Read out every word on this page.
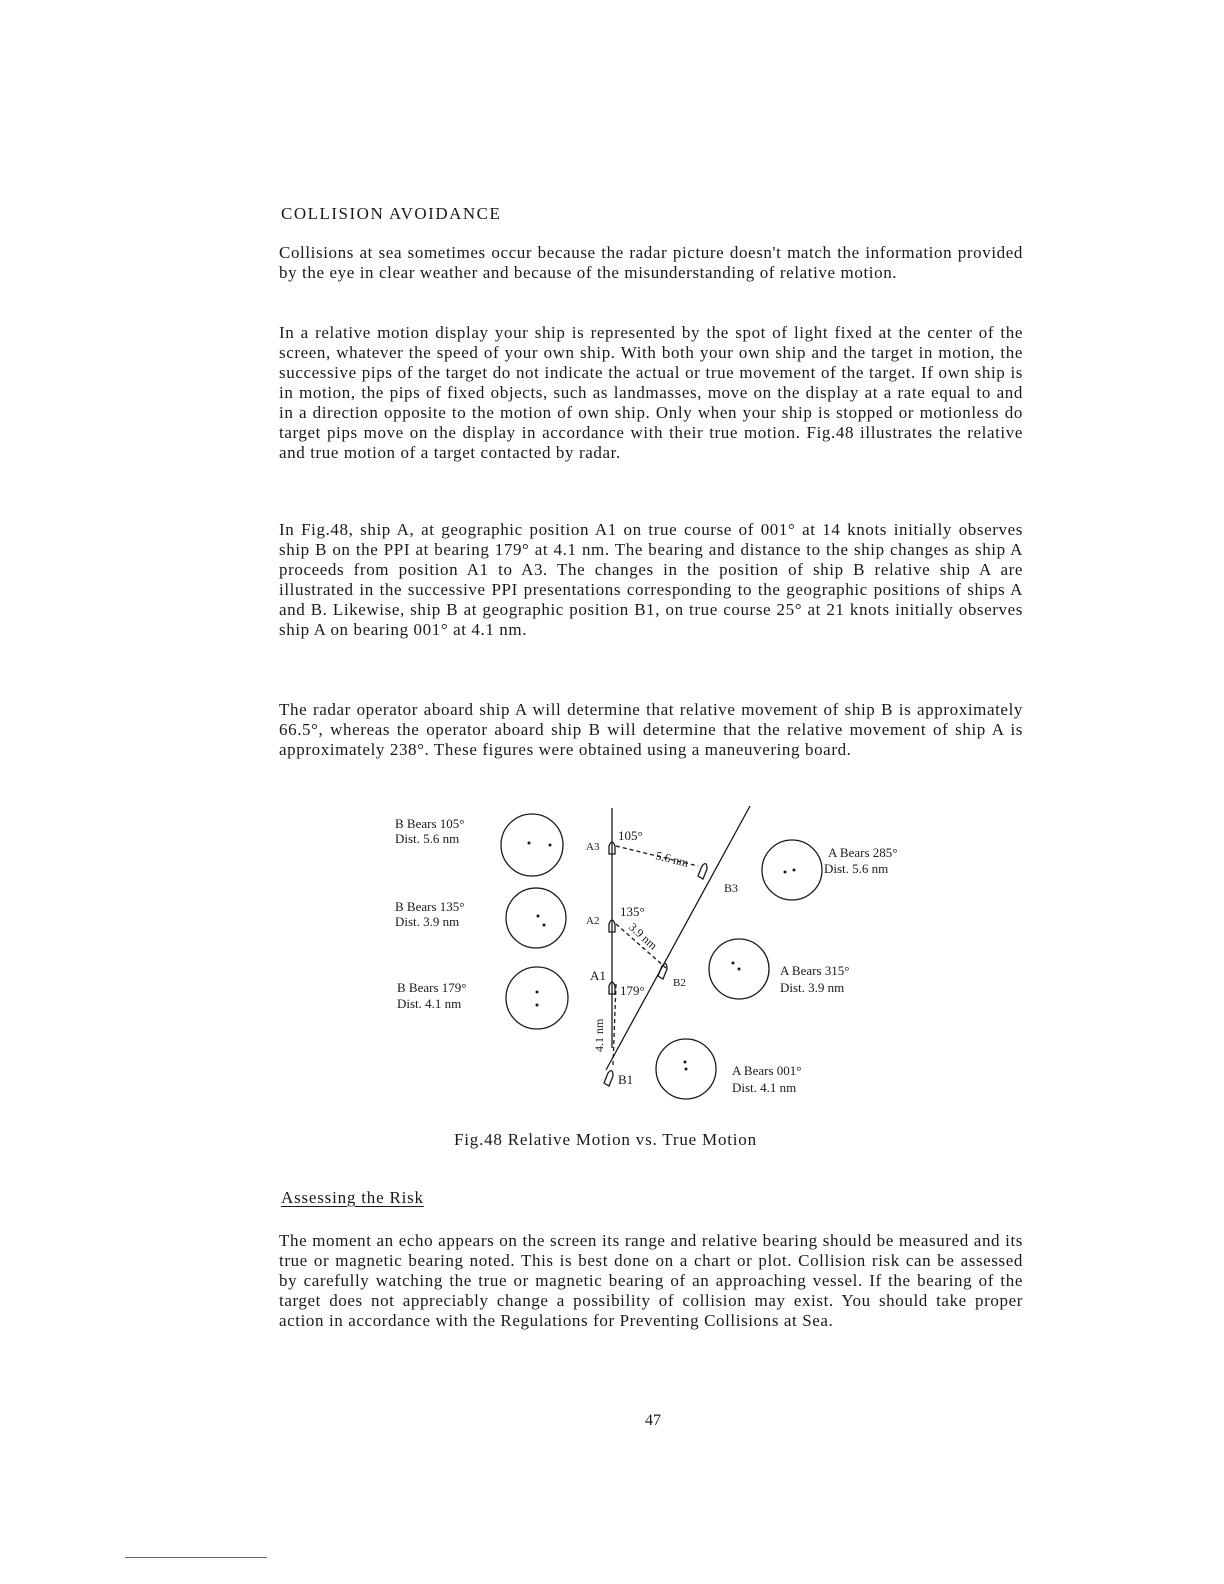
COLLISION AVOIDANCE

Collisions at sea sometimes occur because the radar picture doesn't match the information provided by the eye in clear weather and because of the misunderstanding of relative motion.

In a relative motion display your ship is represented by the spot of light fixed at the center of the screen, whatever the speed of your own ship. With both your own ship and the target in motion, the successive pips of the target do not indicate the actual or true movement of the target. If own ship is in motion, the pips of fixed objects, such as landmasses, move on the display at a rate equal to and in a direction opposite to the motion of own ship. Only when your ship is stopped or motionless do target pips move on the display in accordance with their true motion. Fig.48 illustrates the relative and true motion of a target contacted by radar.

In Fig.48, ship A, at geographic position A1 on true course of 001° at 14 knots initially observes ship B on the PPI at bearing 179° at 4.1 nm. The bearing and distance to the ship changes as ship A proceeds from position A1 to A3. The changes in the position of ship B relative ship A are illustrated in the successive PPI presentations corresponding to the geographic positions of ships A and B. Likewise, ship B at geographic position B1, on true course 25° at 21 knots initially observes ship A on bearing 001° at 4.1 nm.

The radar operator aboard ship A will determine that relative movement of ship B is approximately 66.5°, whereas the operator aboard ship B will determine that the relative movement of ship A is approximately 238°. These figures were obtained using a maneuvering board.

B Bears 105°
Dist. 5.6 nm
B Bears 135°
Dist. 3.9 nm
B Bears 179°
Dist. 4.1 nm
A Bears 285°
Dist. 5.6 nm
A Bears 315°
Dist. 3.9 nm
A Bears 001°
Dist. 4.1 nm
A3
A2
A1
B3
B2
B1
105°
135°
179°
5.6 nm
3.9 nm
4.1 nm
Fig.48 Relative Motion vs. True Motion
Assessing the Risk

The moment an echo appears on the screen its range and relative bearing should be measured and its true or magnetic bearing noted. This is best done on a chart or plot. Collision risk can be assessed by carefully watching the true or magnetic bearing of an approaching vessel. If the bearing of the target does not appreciably change a possibility of collision may exist. You should take proper action in accordance with the Regulations for Preventing Collisions at Sea.

47
